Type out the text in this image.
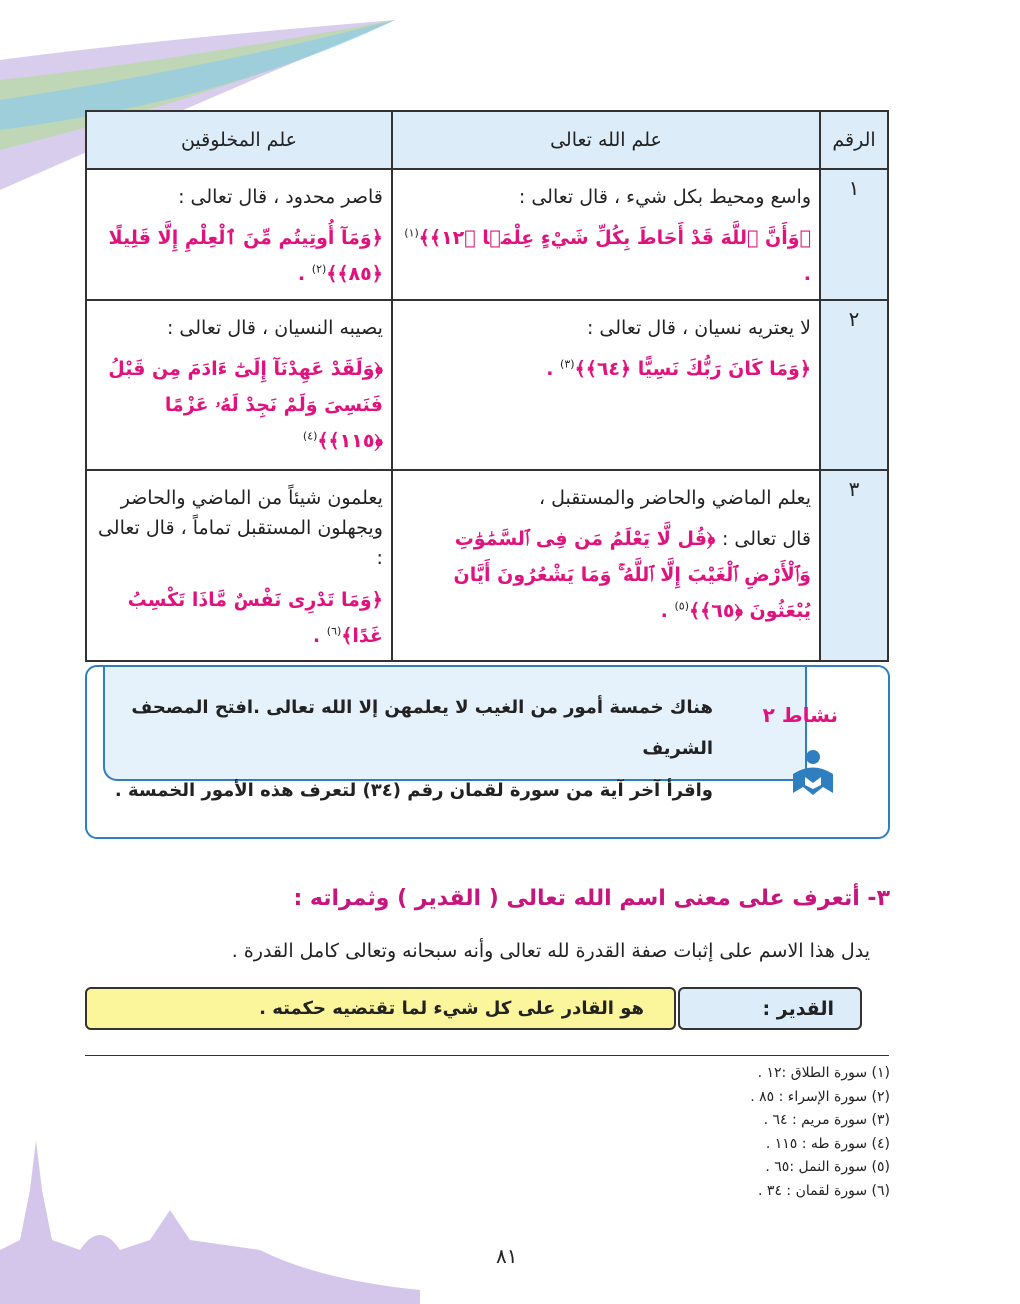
الرقم	علم الله تعالى	علم المخلوقين
١	واسع ومحيط بكل شيء ، قال تعالى :

﴿وَأَنَّ ٱللَّهَ قَدْ أَحَاطَ بِكُلِّ شَيْءٍ عِلْمَۢا ﴿١٢﴾﴾$^{(١)}$ .	قاصر محدود ، قال تعالى :

﴿وَمَآ أُوتِيتُم مِّنَ ٱلْعِلْمِ إِلَّا قَلِيلًا ﴿٨٥﴾﴾$^{(٢)}$ .

٢	لا يعتريه نسيان ، قال تعالى :

﴿وَمَا كَانَ رَبُّكَ نَسِيًّا ﴿٦٤﴾﴾$^{(٣)}$ .	يصيبه النسيان ، قال تعالى :

﴿وَلَقَدْ عَهِدْنَآ إِلَىٰٓ ءَادَمَ مِن قَبْلُ فَنَسِىَ وَلَمْ نَجِدْ لَهُۥ عَزْمًا ﴿١١٥﴾﴾$^{(٤)}$

٣	يعلم الماضي والحاضر والمستقبل ،

قال تعالى : ﴿قُل لَّا يَعْلَمُ مَن فِى ٱلسَّمَٰوَٰتِ وَٱلْأَرْضِ ٱلْغَيْبَ إِلَّا ٱللَّهُ ۚ وَمَا يَشْعُرُونَ أَيَّانَ يُبْعَثُونَ ﴿٦٥﴾﴾$^{(٥)}$ .	يعلمون شيئاً من الماضي والحاضر ويجهلون المستقبل تماماً ، قال تعالى :

﴿وَمَا تَدْرِى نَفْسٌ مَّاذَا تَكْسِبُ غَدًا﴾$^{(٦)}$ .
نشاط ٢
هناك خمسة أمور من الغيب لا يعلمهن إلا الله تعالى .افتح المصحف الشريف
واقرأ آخر آية من سورة لقمان رقم (٣٤) لتعرف هذه الأمور الخمسة .
٣- أتعرف على معنى اسم الله تعالى ( القدير ) وثمراته :
يدل هذا الاسم على إثبات صفة القدرة لله تعالى وأنه سبحانه وتعالى كامل القدرة .
القدير :
هو القادر على كل شيء لما تقتضيه حكمته .
(١) سورة الطلاق :١٢ .
(٢) سورة الإسراء : ٨٥ .
(٣) سورة مريم : ٦٤ .
(٤) سورة طه : ١١٥ .
(٥) سورة النمل :٦٥ .
(٦) سورة لقمان : ٣٤ .
٨١
